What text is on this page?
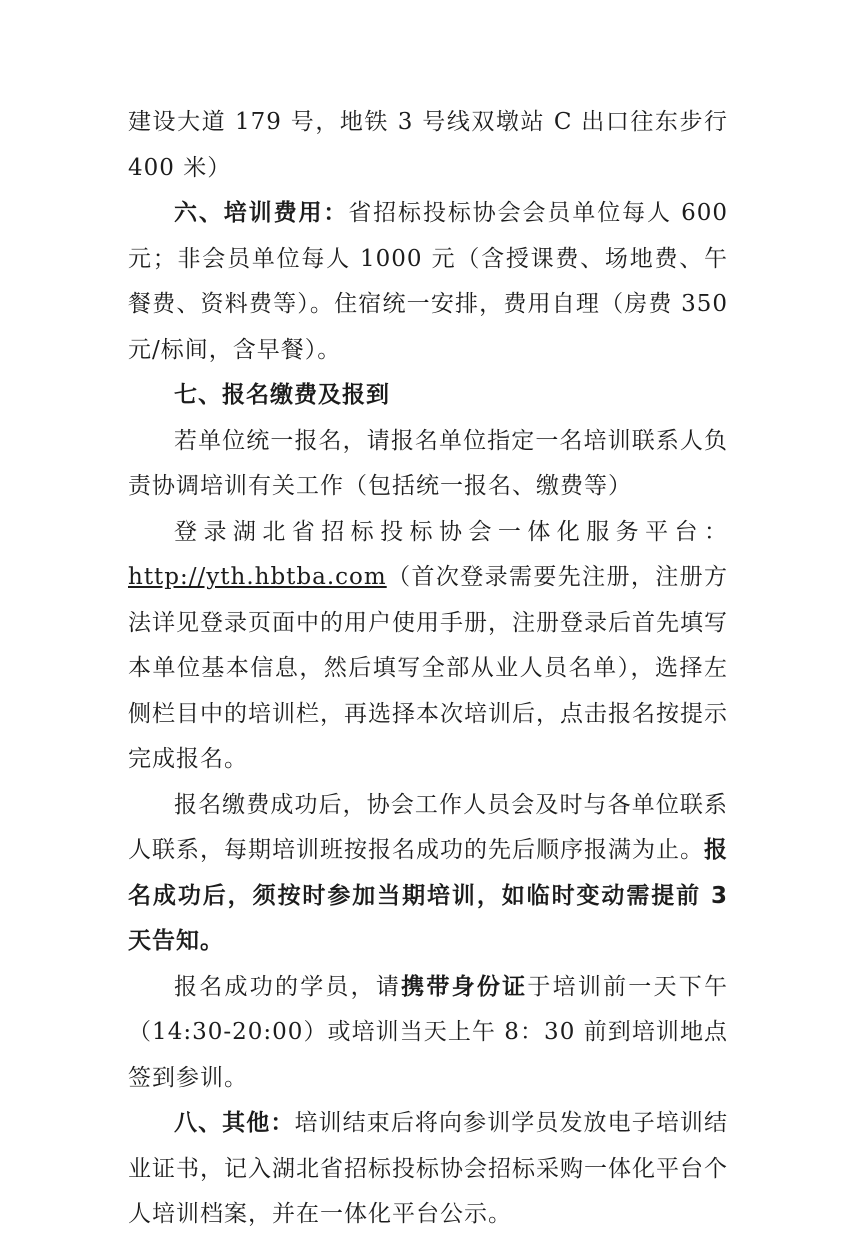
建设大道 179 号，地铁 3 号线双墩站 C 出口往东步行 400 米）

六、培训费用：省招标投标协会会员单位每人 600 元；非会员单位每人 1000 元（含授课费、场地费、午餐费、资料费等）。住宿统一安排，费用自理（房费 350 元/标间，含早餐）。

七、报名缴费及报到

若单位统一报名，请报名单位指定一名培训联系人负责协调培训有关工作（包括统一报名、缴费等）

登录湖北省招标投标协会一体化服务平台：http://yth.hbtba.com（首次登录需要先注册，注册方法详见登录页面中的用户使用手册，注册登录后首先填写本单位基本信息，然后填写全部从业人员名单），选择左侧栏目中的培训栏，再选择本次培训后，点击报名按提示完成报名。

报名缴费成功后，协会工作人员会及时与各单位联系人联系，每期培训班按报名成功的先后顺序报满为止。报名成功后，须按时参加当期培训，如临时变动需提前 3 天告知。

报名成功的学员，请携带身份证于培训前一天下午（14:30-20:00）或培训当天上午 8：30 前到培训地点签到参训。

八、其他：培训结束后将向参训学员发放电子培训结业证书，记入湖北省招标投标协会招标采购一体化平台个人培训档案，并在一体化平台公示。
